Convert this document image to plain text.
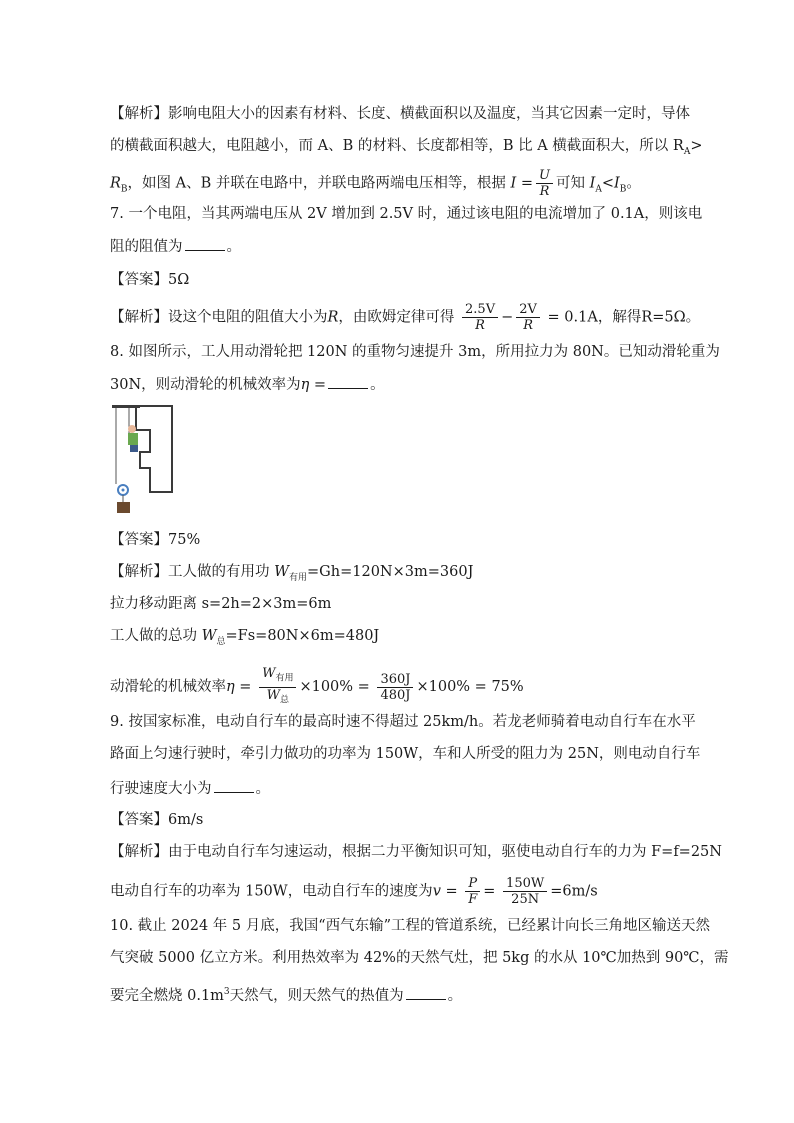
【解析】影响电阻大小的因素有材料、长度、横截面积以及温度，当其它因素一定时，导体
的横截面积越大，电阻越小，而 A、B 的材料、长度都相等，B 比 A 横截面积大，所以 $R_A>$
$R_B$，如图 A、B 并联在电路中，并联电路两端电压相等，根据 $I = \frac{U}{R}$ 可知 $I_A<I_B$。
7. 一个电阻，当其两端电压从 2V 增加到 2.5V 时，通过该电阻的电流增加了 0.1A，则该电
阻的阻值为	。
【答案】5Ω
【解析】设这个电阻的阻值大小为R，由欧姆定律可得 $\frac{2.5V}{R} - \frac{2V}{R} = 0.1A$，解得R=5Ω。
8. 如图所示，工人用动滑轮把 120N 的重物匀速提升 3m，所用拉力为 80N。已知动滑轮重为
30N，则动滑轮的机械效率为η =	。
【答案】75%
【解析】工人做的有用功 $W_{有用}=Gh=120N\times 3m=360J$
拉力移动距离 s=2h=2×3m=6m
工人做的总功 $W_总=Fs=80N\times 6m=480J$
动滑轮的机械效率$\eta = \frac{W_{有用}}{W_总} \times 100\% = \frac{360J}{480J} \times 100\% = 75\%$
9. 按国家标准，电动自行车的最高时速不得超过 25km/h。若龙老师骑着电动自行车在水平
路面上匀速行驶时，牵引力做功的功率为 150W，车和人所受的阻力为 25N，则电动自行车
行驶速度大小为	。
【答案】6m/s
【解析】由于电动自行车匀速运动，根据二力平衡知识可知，驱使电动自行车的力为 F=f=25N
电动自行车的功率为 150W，电动自行车的速度为$v = \frac{P}{F} = \frac{150W}{25N} =6m/s$
10. 截止 2024 年 5 月底，我国“西气东输”工程的管道系统，已经累计向长三角地区输送天然
气突破 5000 亿立方米。利用热效率为 42%的天然气灶，把 5kg 的水从 10℃加热到 90℃，需
要完全燃烧 $0.1m^3$天然气，则天然气的热值为	。
